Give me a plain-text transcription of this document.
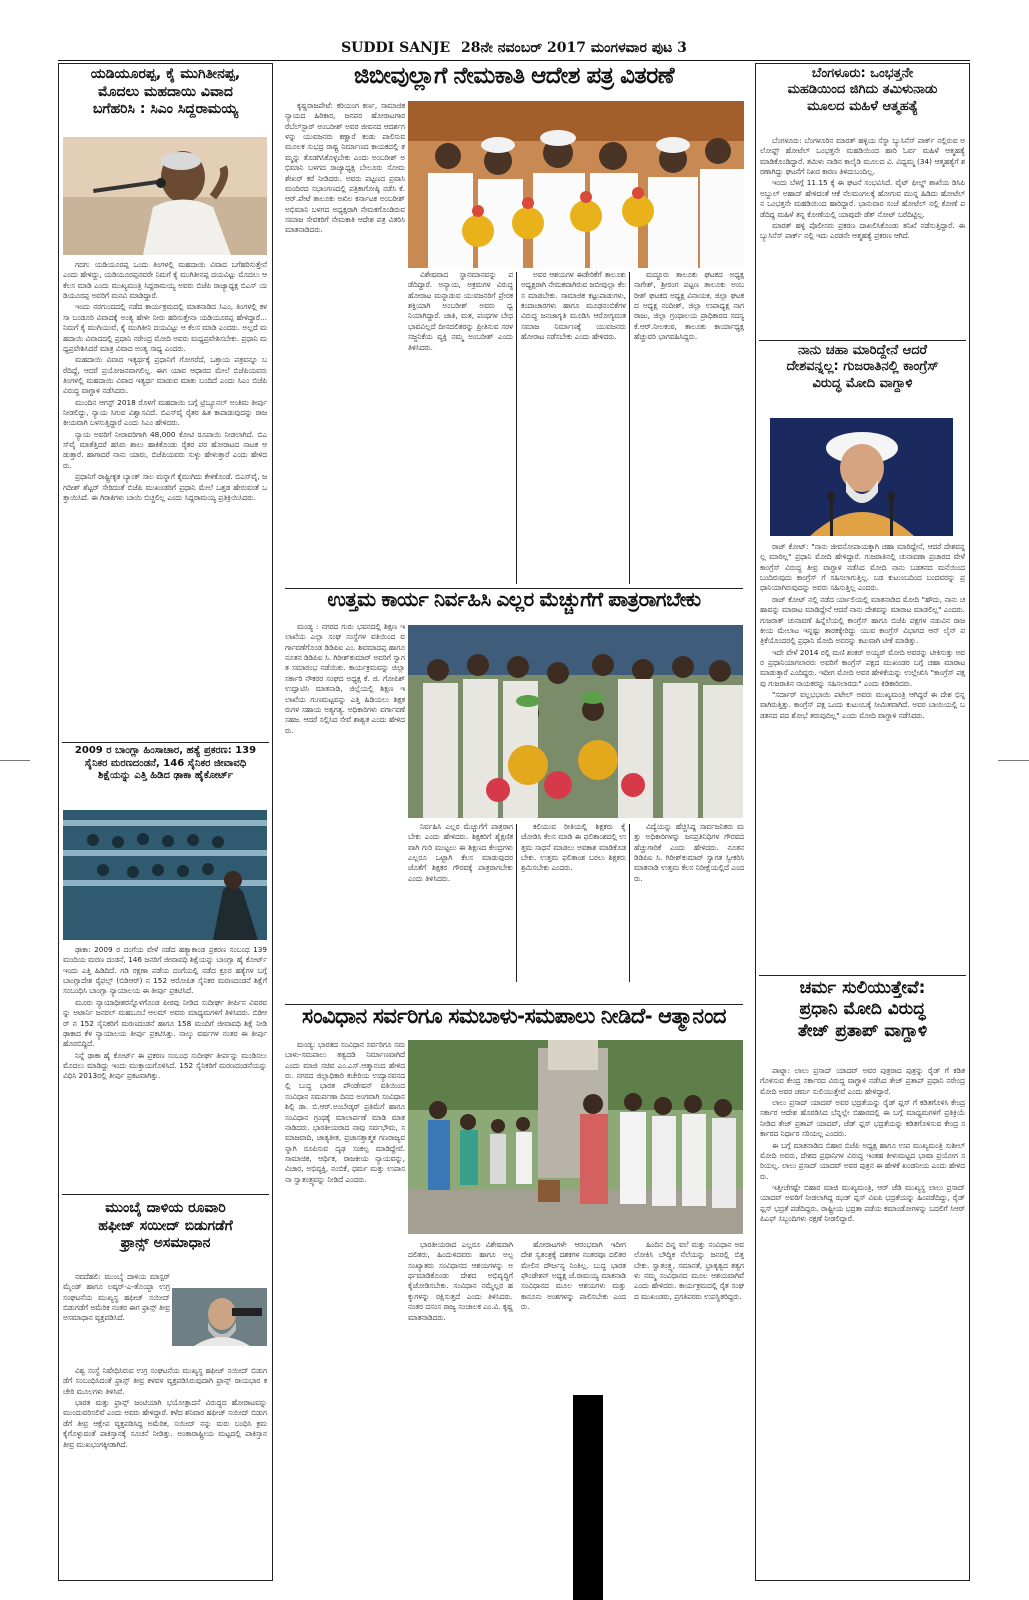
SUDDI SANJE 28ನೇ ನವಂಬರ್ 2017 ಮಂಗಳವಾರ ಪುಟ 3
ಯಡಿಯೂರಪ್ಪ, ಕೈ ಮುಗಿತೀನಪ್ಪ,
ಮೊದಲು ಮಹದಾಯಿ ವಿವಾದ
ಬಗೆಹರಿಸಿ : ಸಿಎಂ ಸಿದ್ದರಾಮಯ್ಯ

ಗದಗ: ಯಡಿಯೂರಪ್ಪ ಒಂದು ತಿಂಗಳಲ್ಲಿ ಮಹದಾಯಿ ವಿವಾದ ಬಗೆಹರಿಸುತ್ತೇನೆ ಎಂದು ಹೇಳಿದ್ದು, ಯಡಿಯೂರಪ್ಪನವರೇ ನಿಮಗೆ ಕೈ ಮುಗಿತೀನಪ್ಪ ದಯವಿಟ್ಟು ಮೊದಲು ಆ ಕೆಲಸ ಮಾಡಿ ಎಂದು ಮುಖ್ಯಮಂತ್ರಿ ಸಿದ್ದರಾಮಯ್ಯ ಅವರು ಬಿಜೆಪಿ ರಾಜ್ಯಾಧ್ಯಕ್ಷ ಬಿಎಸ್ ಯಡಿಯೂರಪ್ಪ ಅವರಿಗೆ ಮನವಿ ಮಾಡಿದ್ದಾರೆ.

ಇಂದು ನರಗುಂದದಲ್ಲಿ ನಡೆದ ಕಾರ್ಯಕ್ರಮದಲ್ಲಿ ಮಾತನಾಡಿದ ಸಿಎಂ, ತಿಂಗಳಲ್ಲಿ ಕಳಸಾ ಬಂಡೂರಿ ವಿವಾದಕ್ಕೆ ಅಂತ್ಯ ಹೇಳೀ ನೀರು ಹರಿಸುತ್ತೇನಾ ಯಡಿಯೂರಪ್ಪ ಹೇಳಿದ್ದಾರೆ... ನಿಮಗೆ ಕೈ ಮುಗಿಯುವೆ, ಕೈ ಮುಗಿತೀನಿ ದಯವಿಟ್ಟು ಆ ಕೆಲಸ ಮಾಡಿ ಎಂದರು. ಅಲ್ಲದೆ ಮಹದಾಯಿ ವಿವಾದದಲ್ಲಿ ಪ್ರಧಾನಿ ನರೇಂದ್ರ ಮೋದಿ ಅವರು ಮಧ್ಯಪ್ರವೇಶಿಸಬೇಕು. ಪ್ರಧಾನಿ ಮಧ್ಯಪ್ರವೇಶಿಸಿದರೆ ಮಾತ್ರ ವಿವಾದ ಅಂತ್ಯ ಸಾಧ್ಯ ಎಂದರು.

ಮಹದಾಯಿ ವಿವಾದ ಇತ್ಯರ್ಥಕ್ಕೆ ಪ್ರಧಾನಿಗೆ ಗೋಗರೆದೆ, ಒತ್ತಾಯ ಪತ್ರವನ್ನೂ ಬರೆದಿದ್ದೆ, ಆದರೆ ಪ್ರಯೋಜನವಾಗಲಿಲ್ಲ. ಈಗ ಯಾವ ಆಧಾರದ ಮೇಲೆ ಬಿಜೆಪಿಯವರು ತಿಂಗಳಲ್ಲಿ ಮಹದಾಯಿ ವಿವಾದ ಇತ್ಯರ್ಥ ಮಾಡುವ ಮಾತು ಬಂದಿದೆ ಎಂದು ಸಿಎಂ ಬಿಜೆಪಿ ವಿರುದ್ಧ ವಾಗ್ದಾಳಿ ನಡೆಸಿದರು.

ಮುಂದಿನ ಆಗಸ್ಟ್ 2018 ರೊಳಗೆ ಮಹದಾಯಿ ಬಗ್ಗೆ ಟ್ರಿಬ್ಯೂನಲ್ ಅಂತಿಮ ತೀರ್ಪು ನೀಡಲಿದ್ದು, ನ್ಯಾಯ ಸಿಗುವ ವಿಶ್ವಾಸವಿದೆ. ಬಿಎಸ್‌ವೈ ರೈತರ ಹಿತ ಕಾಪಾಡುವುದನ್ನು ರಾಜಕೀಯವಾಗಿ ಬಳಸುತ್ತಿದ್ದಾರೆ ಎಂದು ಸಿಎಂ ಹೇಳಿದರು.

ನ್ಯಾಯ ಅವರಿಗೆ ನೀರಾವರಿಗಾಗಿ 48,000 ಕೋಟಿ ರೂಪಾಯಿ ನೀಡಲಾಗಿದೆ. ಬಿಎಸ್‌ವೈ ಮಾತೆತ್ತಿದರೆ ಹಸಿರು ಶಾಲು ಹಾಕಿಕೊಂಡು ರೈತರ ಪರ ಹೋರಾಟದ ನಾಟಕ ಆಡುತ್ತಾರೆ. ಹಾಗಾದರೆ ನಾನು ಯಾರು, ಬಿಜೆಪಿಯವರು ಸುಳ್ಳು ಹೇಳುತ್ತಾರೆ ಎಂದು ಹೇಳಿದರು.

ಪ್ರಧಾನಿಗೆ ರಾಷ್ಟ್ರೀಕೃತ ಬ್ಯಾಂಕ್ ಸಾಲ ಮನ್ನಾಗೆ ಕೈಮುಗಿದು ಕೇಳಿಕೊಂಡೆ. ಬಿಎಸ್‌ವೈ, ಜಗದೀಶ್ ಶೆಟ್ಟರ್ ಸೇರಿದಂತೆ ಬಿಜೆಪಿ ಮುಖಂಡರಿಗೆ ಪ್ರಧಾನಿ ಮೇಲೆ ಒತ್ತಡ ಹೇರುವಂತೆ ಒತ್ತಾಯಿಸಿದೆ. ಈ ಗಿರಾಕಿಗಳು ಬಾಯಿ ಬಿಚ್ಚಲಿಲ್ಲ ಎಂದು ಸಿದ್ದರಾಮಯ್ಯ ಪ್ರತಿಕ್ರಿಯಿಸಿದರು.

2009 ರ ಬಾಂಗ್ಲಾ ಹಿಂಸಾಚಾರ, ಹತ್ಯೆ ಪ್ರಕರಣ: 139
ಸೈನಿಕರ ಮರಣದಂಡನೆ, 146 ಸೈನಿಕರ ಜೀವಾವಧಿ
ಶಿಕ್ಷೆಯನ್ನು ಎತ್ತಿ ಹಿಡಿದ ಢಾಕಾ ಹೈಕೋರ್ಟ್

ಢಾಕಾ: 2009 ರ ದಂಗೆಯ ವೇಳೆ ನಡೆದ ಹತ್ಯಾಕಾಂಡ ಪ್ರಕರಣ ಸಂಬಂಧ 139 ಮಂದಿಯ ಮರಣ ದಂಡನೆ, 146 ಜನರಿಗೆ ಜೀವಾವಧಿ ಶಿಕ್ಷೆಯನ್ನು ಬಾಂಗ್ಲಾ ಹೈ ಕೋರ್ಟ್ ಇಂದು ಎತ್ತಿ ಹಿಡಿದಿದೆ. ಗಡಿ ರಕ್ಷಣಾ ಪಡೆಯ ದಂಗೆಯಲ್ಲಿ ನಡೆದ ಕ್ರೂರ ಹತ್ಯೆಗಳ ಬಗ್ಗೆ ಬಾಂಗ್ಲಾದೇಶ ರೈಫಲ್ಸ್ (ಬಿಡಿಆರ್) ನ 152 ಆರೋಪಿತ ಸೈನಿಕರ ಮರಣದಂಡನೆ ಶಿಕ್ಷೆಗೆ ಸಂಬಂಧಿಸಿ ಬಾಂಗ್ಲಾ ನ್ಯಾಯಾಲಯ ಈ ತೀರ್ಪು ಪ್ರಕಟಿಸಿದೆ.

ಮೂರು ನ್ಯಾಯಾಧೀಶರನ್ನೊಳಗೊಂಡ ಪೀಠವು ನೀಡಿದ ಸುದೀರ್ಘ ತೀರ್ಪಿನ ವಿವರವನ್ನು ಅಟಾರ್ನಿ ಜನರಲ್ ಮಹಬೂಬೆ ಆಲಮ್ ಅವರು ಮಾಧ್ಯಮಗಳಿಗೆ ತಿಳಿಸಿದರು. ಬಿಡಿಆರ್ ನ 152 ಸೈನಿಕರಿಗೆ ಮರಣದಂಡನೆ ಹಾಗೂ 158 ಮಂದಿಗೆ ಜೀವಾವಧಿ ಶಿಕ್ಷೆ ನೀಡಿ ಢಾಕಾದ ಕೆಳ ನ್ಯಾಯಾಲಯ ತೀರ್ಪು ಪ್ರಕಟಿಸಿತ್ತು. ನಾಲ್ಕು ವರ್ಷಗಳ ನಂತರ ಈ ತೀರ್ಪು ಹೊರಬಿದ್ದಿದೆ.

ನಿನ್ನೆ ಢಾಕಾ ಹೈ ಕೋರ್ಟ್ ಈ ಪ್ರಕರಣ ಸಂಬಂಧ ಸುದೀರ್ಘ ತೀರ್ಪನ್ನು ಮಂಡಿಸಲು ಮೊದಲು ಮಾಡಿದ್ದು ಇಂದು ಮುಕ್ತಾಯಗೊಳಿಸಿದೆ. 152 ಸೈನಿಕರಿಗೆ ಮರಣದಂಡನೆಯನ್ನು ವಿಧಿಸಿ 2013ರಲ್ಲಿ ತೀರ್ಪು ಪ್ರಕಟವಾಗಿತ್ತು.

ಮುಂಬೈ ದಾಳಿಯ ರೂವಾರಿ
ಹಫೀಜ್ ಸಯೀದ್ ಬಿಡುಗಡೆಗೆ
ಫ್ರಾನ್ಸ್ ಅಸಮಾಧಾನ

ನವದೆಹಲಿ: ಮುಂಬೈ ದಾಳಿಯ ಮಾಸ್ಟರ್ ಮೈಂಡ್ ಹಾಗೂ ಲಷ್ಕರ್-ಎ-ತೊಯ್ಬಾ ಉಗ್ರ ಸಂಘಟನೆಯ ಮುಖ್ಯಸ್ಥ ಹಫೀಜ್ ಸಯೀದ್ ಬಿಡುಗಡೆಗೆ ಅಮೆರಿಕ ನಂತರ ಈಗ ಫ್ರಾನ್ಸ್ ತೀವ್ರ ಅಸಮಾಧಾನ ವ್ಯಕ್ತಪಡಿಸಿದೆ.

ವಿಶ್ವ ಸಂಸ್ಥೆ ನಿಷೇಧಿಸಿರುವ ಉಗ್ರ ಸಂಘಟನೆಯ ಮುಖ್ಯಸ್ಥ ಹಫೀಜ್ ಸಯೀದ್ ಬಿಡುಗಡೆಗೆ ಸಂಬಂಧಿಸಿದಂತೆ ಫ್ರಾನ್ಸ್ ತೀವ್ರ ಕಳವಳ ವ್ಯಕ್ತಪಡಿಸಿರುವುದಾಗಿ ಫ್ರಾನ್ಸ್ ರಾಯಭಾರ ಕಚೇರಿ ಮೂಲಗಳು ತಿಳಿಸಿವೆ.

ಭಾರತ ಮತ್ತು ಫ್ರಾನ್ಸ್ ಜಂಟಿಯಾಗಿ ಭಯೋತ್ಪಾದನೆ ವಿರುದ್ಧದ ಹೋರಾಟವನ್ನು ಮುಂದುವರಿಸಲಿವೆ ಎಂದು ಅವರು ಹೇಳಿದ್ದಾರೆ. ಕಳೆದ ಶನಿವಾರ ಹಫೀಜ್ ಸಯೀದ್ ಬಿಡುಗಡೆಗೆ ತೀವ್ರ ಆಕ್ಷೇಪ ವ್ಯಕ್ತಪಡಿಸಿದ್ದ ಅಮೆರಿಕ, ಸಯೀದ್ ನನ್ನು ಮರು ಬಂಧಿಸಿ ಕ್ರಮ ಕೈಗೊಳ್ಳುವಂತೆ ಪಾಕಿಸ್ತಾನಕ್ಕೆ ಸೂಚನೆ ನೀಡಿತ್ತು. ಅಂತಾರಾಷ್ಟ್ರೀಯ ಮಟ್ಟದಲ್ಲಿ ಪಾಕಿಸ್ತಾನ ತೀವ್ರ ಮುಖಭಂಗಕ್ಕೀಡಾಗಿದೆ.

ಜಿಬೀವುಲ್ಲಾಗೆ ನೇಮಕಾತಿ ಆದೇಶ ಪತ್ರ ವಿತರಣೆ

ಕೃಷ್ಣರಾಜಪೇಟೆ: ಕರಿಯಂಗ ಕರ್ಣ, ಸಾಮಾಜಿಕ ನ್ಯಾಯದ ಹಿರಿಕಾರ, ಜನಪರ ಹೋರಾಟಗಾರ ರೆಬೆಲ್‌ಸ್ಟಾರ್ ಅಂಬರೀಶ್ ಅವರ ಜೀವನದ ಆದರ್ಶಗಳನ್ನು ಯುವಜನರು ಕಣ್ಣಾರೆ ಕಂಡು ಪಾಲಿಸುವ ಮೂಲಕ ಸುಭದ್ರ ರಾಷ್ಟ್ರ ನಿರ್ಮಾಣದ ಕಾಯಕದಲ್ಲಿ ತಮ್ಮನ್ನು ತೊಡಗಿಸಿಕೊಳ್ಳಬೇಕು ಎಂದು ಅಂಬರೀಶ್ ಅಭಿಮಾನಿ ಬಳಗದ ರಾಜ್ಯಾಧ್ಯಕ್ಷ ಬೇಲೂರು ಸೋಮಶೇಖರ್ ಕರೆ ನೀಡಿದರು. ಅವರು ಪಟ್ಟಣದ ಪ್ರವಾಸಿ ಮಂದಿರದ ಸಭಾಂಗಣದಲ್ಲಿ ಪತ್ರಿಕಾಗೋಷ್ಠಿ ನಡೆಸಿ ಕೆ.ಆರ್.ಪೇಟೆ ತಾಲೂಕು ಅಖಿಲ ಕರ್ನಾಟಕ ಅಂಬರೀಶ್ ಅಭಿಮಾನಿ ಬಳಗದ ಅಧ್ಯಕ್ಷರಾಗಿ ನೇಮಕಗೊಂಡಿರುವ ಸಮಾಜ ಸೇವಕರಿಗೆ ನೇಮಕಾತಿ ಆದೇಶ ಪತ್ರ ವಿತರಿಸಿ ಮಾತನಾಡಿದರು.

ವಿಶೇಷವಾದ ಸ್ಥಾನಮಾನವನ್ನು ಪಡೆದಿದ್ದಾರೆ. ಅನ್ಯಾಯ, ಅಕ್ರಮಗಳ ವಿರುದ್ಧ ಹೋರಾಟ ಮನ್ನಾಡುವ ಯುವಜನರಿಗೆ ಪ್ರೇರಕಶಕ್ತಿಯಾಗಿ ಅಂಬರೀಶ್ ಅವರು ಧ್ವನಿಯಾಗಿದ್ದಾರೆ. ಜಾತಿ, ಮತ, ಪಂಥಗಳ ಬೇಧಭಾವವಿಲ್ಲದೆ ದೀನದಲಿತರನ್ನು ಪ್ರೀತಿಸುವ ಸರಳ ಸಜ್ಜನಿಕೆಯ ವ್ಯಕ್ತಿ ನಮ್ಮ ಅಂಬರೀಶ್ ಎಂದು ತಿಳಿಸಿದರು.

ಅವರ ಆಶಯಗಳ ಈಡೇರಿಕೆಗೆ ತಾಲೂಕು ಅಧ್ಯಕ್ಷರಾಗಿ ನೇಮಕವಾಗಿರುವ ಜಬೀವುಲ್ಲಾ ಕೆಲಸ ಮಾಡಬೇಕು. ಸಾಮಾಜಿಕ ಕಟ್ಟುಪಾಡುಗಳು, ಕಂದಾಚಾರಗಳು ಹಾಗೂ ಮೂಢನಂಬಿಕೆಗಳ ವಿರುದ್ಧ ಜನಜಾಗೃತಿ ಮೂಡಿಸಿ ಆರೋಗ್ಯವಂತ ಸಮಾಜ ನಿರ್ಮಾಣಕ್ಕೆ ಯುವಜನರು ಹೋರಾಟ ನಡೆಸಬೇಕು ಎಂದು ಹೇಳಿದರು.

ಮದ್ದೂರು ತಾಲೂಕು ಘಟಕದ ಅಧ್ಯಕ್ಷ ನಾಗೇಶ್, ಶ್ರೀರಂಗ ಪಟ್ಟಣ ತಾಲೂಕು ಅಂಬರೀಶ್ ಘಟಕದ ಅಧ್ಯಕ್ಷ ವಿನಾಯಕ, ಜಿಲ್ಲಾ ಘಟಕದ ಅಧ್ಯಕ್ಷ ನಂದೀಶ್, ಜಿಲ್ಲಾ ಉಪಾಧ್ಯಕ್ಷ ನಾಗರಾಜು, ಜಿಲ್ಲಾ ಗ್ರಂಥಾಲಯ ಪ್ರಾಧಿಕಾರದ ಸದಸ್ಯ ಕೆ.ಆರ್.ನೀಲಕಂಠ, ತಾಲೂಕು ಕಾರ್ಯಾಧ್ಯಕ್ಷ ಹೆಚ್ಚುವರಿ ಭಾಗವಹಿಸಿದ್ದರು.

ಉತ್ತಮ ಕಾರ್ಯ ನಿರ್ವಹಿಸಿ ಎಲ್ಲರ ಮೆಚ್ಚುಗೆಗೆ ಪಾತ್ರರಾಗಬೇಕು

ಮಂಡ್ಯ : ನಗರದ ಗುರು ಭವನದಲ್ಲಿ ಶಿಕ್ಷಣ ಇಲಾಖೆಯ ಎಲ್ಲಾ ಸಂಘ ಸಂಸ್ಥೆಗಳ ವತಿಯಿಂದ ವರ್ಗಾವಣೆಗೊಂಡ ಡಿಡಿಪಿಐ ಎಂ. ಶಿವಮಾದಪ್ಪ ಹಾಗೂ ನೂತನ ಡಿಡಿಪಿಐ ಸಿ. ಗಿರೀಶ್‌ಕುಮಾರ್ ಅವರಿಗೆ ಸ್ವಾಗತ ಸಮಾರಂಭ ನಡೆಯಿತು. ಕಾರ್ಯಕ್ರಮವನ್ನು ಜಿಲ್ಲಾ ಸರ್ಕಾರಿ ನೌಕರರ ಸಂಘದ ಅಧ್ಯಕ್ಷ ಕೆ. ಜಿ. ಗೋಪಿಶ್ ಉದ್ಘಾಟಿಸಿ ಮಾತನಾಡಿ, ಜಿಲ್ಲೆಯಲ್ಲಿ ಶಿಕ್ಷಣ ಇಲಾಖೆಯ ಗುಣಮಟ್ಟವನ್ನು ಎತ್ತಿ ಹಿಡಿಯಲು ಶಿಕ್ಷಕರುಗಳ ಸಹಾಯ ಅತ್ಯಗತ್ಯ. ಅಧಿಕಾರಿಗಳು ವರ್ಗಾವಣೆ ಸಹಜ. ಆದರೆ ಸಲ್ಲಿಸಿದ ಸೇವೆ ಶಾಶ್ವತ ಎಂದು ಹೇಳಿದರು.

ನಿರ್ವಹಿಸಿ ಎಲ್ಲರ ಮೆಚ್ಚುಗೆಗೆ ಪಾತ್ರರಾಗಬೇಕು ಎಂದು ಹೇಳಿದರು. ಶಿಕ್ಷಕರಿಗೆ ಶೈಕ್ಷಣಿಕವಾಗಿ ಗುರಿ ಮುಟ್ಟಲು ಈ ಶಿಕ್ಷಣದ ಕೇಂದ್ರಗಳು ಎಲ್ಲರೂ ಒಟ್ಟಾಗಿ ಕೆಲಸ ಮಾಡುವುದರ ಜೊತೆಗೆ ಶಿಕ್ಷಕರ ಗೌರವಕ್ಕೆ ಪಾತ್ರರಾಗಬೇಕು ಎಂದು ತಿಳಿಸಿದರು.

ಕಲಿಯುವ ರೀತಿಯಲ್ಲಿ ಶಿಕ್ಷಕರು ಕೈ ಜೋಡಿಸಿ ಕೆಲಸ ಮಾಡಿ ಈ ಫಲಿತಾಂಶದಲ್ಲಿ ಉತ್ತಮ ಸಾಧನೆ ಮಾಡಲು ಅವಕಾಶ ಮಾಡಿಕೊಡಬೇಕು. ಉತ್ತಮ ಫಲಿತಾಂಶ ಬರಲು ಶಿಕ್ಷಕರು ಶ್ರಮಿಸಬೇಕು ಎಂದರು.

ವಿದ್ಯೆಯನ್ನು ಹೆಚ್ಚಿಸಿದ್ದ ಸಾರ್ವಜನಿಕರು ಮತ್ತು ಅಧಿಕಾರಿಗಳನ್ನು ಜನಪ್ರತಿನಿಧಿಗಳ ಗೌರವದ ಹೆಚ್ಚುಗಾರಿಕೆ ಎಂದು ಹೇಳಿದರು. ನೂತನ ಡಿಡಿಪಿಐ ಸಿ. ಗಿರೀಶ್‌ಕುಮಾರ್ ಸ್ವಾಗತ ಸ್ವೀಕರಿಸಿ ಮಾತನಾಡಿ ಉತ್ತಮ ಕೆಲಸ ನಿರೀಕ್ಷೆಯಲ್ಲಿದೆ ಎಂದರು.

ಸಂವಿಧಾನ ಸರ್ವರಿಗೂ ಸಮಬಾಳು-ಸಮಪಾಲು ನೀಡಿದೆ- ಆತ್ಮಾನಂದ

ಮಂಡ್ಯ: ಭಾರತದ ಸಂವಿಧಾನ ಸರ್ವರಿಗೂ ಸಮಬಾಳು-ಸಮಪಾಲು ತತ್ವದಡಿ ನಿರ್ಮಾಣವಾಗಿದೆ ಎಂದು ಮಾಜಿ ಸಚಿವ ಎಂ.ಎಸ್.ಆತ್ಮಾನಂದ ಹೇಳಿದರು. ನಗರದ ಜಿಲ್ಲಾಧಿಕಾರಿ ಕಚೇರಿಯ ಉದ್ಯಾನವನದಲ್ಲಿ ಬುದ್ಧ ಭಾರತ ಪೌಂಡೇಷನ್ ವತಿಯಿಂದ ಸಂವಿಧಾನ ಸಮರ್ಪಣಾ ದಿನದ ಅಂಗವಾಗಿ ಸಂವಿಧಾನ ಶಿಲ್ಪಿ ಡಾ. ಬಿ.ಆರ್.ಅಂಬೇಡ್ಕರ್ ಪ್ರತಿಮೆಗೆ ಹಾಗೂ ಸಂವಿಧಾನ ಗ್ರಂಥಕ್ಕೆ ಮಾಲಾರ್ಪಣೆ ಮಾಡಿ ಮಾತನಾಡಿದರು. ಭಾರತೀಯರಾದ ನಾವು ಸರ್ವಭೌಮ, ಸಮಾಜವಾದಿ, ಜಾತ್ಯತೀತ, ಪ್ರಜಾಸತ್ತಾತ್ಮಕ ಗಣರಾಜ್ಯವನ್ನಾಗಿ ರೂಪಿಸುವ ದೃಢ ಸಂಕಲ್ಪ ಮಾಡಿದ್ದೇವೆ. ಸಾಮಾಜಿಕ, ಆರ್ಥಿಕ, ರಾಜಕೀಯ ನ್ಯಾಯವನ್ನು, ವಿಚಾರ, ಅಭಿವ್ಯಕ್ತಿ, ನಂಬಿಕೆ, ಧರ್ಮ ಮತ್ತು ಉಪಾಸನಾ ಸ್ವಾತಂತ್ರ್ಯವನ್ನು ನೀಡಿದೆ ಎಂದರು.

ಭಾರತೀಯರಾದ ಎಲ್ಲರೂ ವಿಶೇಷವಾಗಿ ದಲಿತರು, ಹಿಂದುಳಿದವರು ಹಾಗೂ ಅಲ್ಪಸಂಖ್ಯಾತರು ಸಂವಿಧಾನದ ಆಶಯಗಳನ್ನು ಅರ್ಥಮಾಡಿಕೊಂಡು ದೇಶದ ಅಭಿವೃದ್ಧಿಗೆ ಕೈಜೋಡಿಸಬೇಕು. ಸಂವಿಧಾನ ನಮ್ಮೆಲ್ಲರ ಹಕ್ಕುಗಳನ್ನು ರಕ್ಷಿಸುತ್ತದೆ ಎಂದು ತಿಳಿಸಿದರು. ನಂತರ ದಸಂಸ ರಾಜ್ಯ ಸಂಚಾಲಕ ಎಂ.ವಿ. ಕೃಷ್ಣ ಮಾತನಾಡಿದರು.

ಹೋರಾಟಗಳೇ ಆರಂಭವಾಗಿ ಇದೀಗ ದೇಶ ಸ್ವತಂತ್ರಕ್ಕೆ ದಶಕಗಳ ನಂತರವೂ ದಲಿತರ ಮೇಲಿನ ದೌರ್ಜನ್ಯ ನಿಂತಿಲ್ಲ. ಬುದ್ಧ ಭಾರತ ಫೌಂಡೇಶನ್ ಅಧ್ಯಕ್ಷ ಜೆ.ರಾಮಯ್ಯ ಮಾತನಾಡಿ ಸಂವಿಧಾನದ ಮೂಲ ಆಶಯಗಳು ಮತ್ತು ಕಾನೂನು ಅಂಶಗಳನ್ನು ಪಾಲಿಸಬೇಕು ಎಂದರು.

ಹಿಂದಿನ ದಿನ್ನ ವಲೆ ಮತ್ತು ಸಂವಿಧಾನ ಅವಲೋಕಿಸಿ ಬೌದ್ಧಿಕ ನೆಲೆಯನ್ನು ಜನರಲ್ಲಿ ಬಿತ್ತಬೇಕು. ಸ್ವಾತಂತ್ರ್ಯ, ಸಮಾನತೆ, ಭ್ರಾತೃತ್ವದ ತತ್ವಗಳು ನಮ್ಮ ಸಂವಿಧಾನದ ಮೂಲ ಆಶಯವಾಗಿವೆ ಎಂದು ಹೇಳಿದರು. ಕಾರ್ಯಕ್ರಮದಲ್ಲಿ ರೈತ ಸಂಘದ ಮುಖಂಡರು, ಪ್ರಗತಿಪರರು ಉಪಸ್ಥಿತರಿದ್ದರು.

ಬೆಂಗಳೂರು: ಒಂಭತ್ತನೇ
ಮಹಡಿಯಿಂದ ಜಿಗಿದು ತಮಿಳುನಾಡು
ಮೂಲದ ಮಹಿಳೆ ಆತ್ಮಹತ್ಯೆ

ಬೆಂಗಳೂರು: ಬೆಂಗಳೂರಿನ ಮಾರತ್ ಹಳ್ಳಿಯ ಸೆಸ್ನಾ ಬ್ಯುಸಿನೆಸ್ ಪಾರ್ಕ್ ನಲ್ಲಿರುವ ಅಲೋಫ್ಟ್ ಹೋಟೆಲ್ ಒಂಭತ್ತನೇ ಮಹಡಿಯಿಂದ ಹಾರಿ ಓರ್ವ ಮಹಿಳೆ ಆತ್ಮಹತ್ಯೆ ಮಾಡಿಕೊಂಡಿದ್ದಾರೆ. ತಮಿಳು ನಾಡಿನ ಕಾಲೈಡಿ ಮೂಲದ ವಿ. ವಿಧ್ಯಮ್ಮ (34) ಆತ್ಮಹತ್ಯೆಗೆ ಶರಣಾಗಿದ್ದು ಘಟನೆಗೆ ನಿಖರ ಕಾರಣ ತಿಳಿದುಬಂದಿಲ್ಲ.

ಇಂದು ಬೆಳಗ್ಗೆ 11.15 ಕ್ಕೆ ಈ ಘಟನೆ ಸಂಭವಿಸಿದೆ. ವೈಟ್ ಫೀಲ್ಡ್ ಶಾಖೆಯ ಡಿಸಿಪಿ ಅಬ್ದುಲ್ ಅಹಾದ್ ಹೇಳಿದಂತೆ ಆಕೆ ನೆಲಮಂಗಲಕ್ಕೆ ಹೋಗುವ ಮುನ್ನ ಹಿಡಿದು ಹೋಟೆಲ್ ನ ಒಂಭತ್ತನೇ ಮಹಡಿಯಿಂದ ಹಾರಿದ್ದಾರೆ. ಭಾನುವಾರ ಸಂಜೆ ಹೋಟೆಲ್ ನಲ್ಲಿ ಕೋಣೆ ಪಡೆದಿದ್ದ ಮಹಿಳೆ ತನ್ನ ಕೋಣೆಯಲ್ಲಿ ಯಾವುದೇ ಡೆತ್ ನೋಟ್ ಬರೆದಿಟ್ಟಿಲ್ಲ.

ಮಾರತ್ ಹಳ್ಳಿ ಪೊಲೀಸರು ಪ್ರಕರಣ ದಾಖಲಿಸಿಕೊಂಡು ತನಿಖೆ ನಡೆಸುತ್ತಿದ್ದಾರೆ. ಈ ಬ್ಯುಸಿನೆಸ್ ಪಾರ್ಕ್ ನಲ್ಲಿ ಇದು ಎರಡನೇ ಆತ್ಮಹತ್ಯೆ ಪ್ರಕರಣ ಆಗಿದೆ.

ನಾನು ಚಹಾ ಮಾರಿದ್ದೇನೆ ಆದರೆ
ದೇಶವನ್ನಲ್ಲ: ಗುಜರಾತಿನಲ್ಲಿ ಕಾಂಗ್ರೆಸ್
ವಿರುದ್ಧ ಮೋದಿ ವಾಗ್ದಾಳಿ

ರಾಜ್ ಕೋಟ್: "ನಾನು ಜೀವನೋಪಾಯಕ್ಕಾಗಿ ಚಹಾ ಮಾರಿದ್ದೇನೆ, ಆದರೆ ದೇಶವನ್ನಲ್ಲ ಮಾರಿಲ್ಲ" ಪ್ರಧಾನಿ ಮೋದಿ ಹೇಳಿದ್ದಾರೆ. ಗುಜರಾತಿನಲ್ಲಿ ಚುನಾವಣಾ ಪ್ರಚಾರದ ವೇಳೆ ಕಾಂಗ್ರೆಸ್ ವಿರುದ್ಧ ತೀವ್ರ ವಾಗ್ದಾಳಿ ನಡೆಸಿದ ಮೋದಿ ನಾನು ಬಡತನದ ಮನೆಯಿಂದ ಬಂದಿರುವುದು ಕಾಂಗ್ರೆಸ್ ಗೆ ಸಹಿಸಲಾಗುತ್ತಿಲ್ಲ. ಬಡ ಕುಟುಂಬದಿಂದ ಬಂದವರನ್ನು ಪ್ರಧಾನಿಯಾಗಿರುವುದನ್ನು ಅವರು ಸಹಿಸುತ್ತಿಲ್ಲ ಎಂದರು.

ರಾಜ್ ಕೋಟ್ ನಲ್ಲಿ ನಡೆದ ರ್ಯಾಲಿಯಲ್ಲಿ ಮಾತನಾಡಿದ ಮೋದಿ "ಹೌದು, ನಾನು ಚಹಾವನ್ನು ಮಾರಾಟ ಮಾಡಿದ್ದೇನೆ ಆದರೆ ನಾನು ದೇಶವನ್ನು ಮಾರಾಟ ಮಾಡಲಿಲ್ಲ" ಎಂದರು. ಗುಜರಾತ್ ಚುನಾವಣೆ ಹಿನ್ನೆಲೆಯಲ್ಲಿ ಕಾಂಗ್ರೆಸ್ ಹಾಗೂ ಬಿಜೆಪಿ ಪಕ್ಷಗಳ ನಡುವಿನ ರಾಜಕೀಯ ಮೇಲಾಟ ಇನ್ನಷ್ಟು ತಾರಕಕ್ಕೇರಿದ್ದು ಯುವ ಕಾಂಗ್ರೆಸ್ ವಿಭಾಗದ ಆನ್ ಲೈನ್ ಪತ್ರಿಕೆಯೊಂದರಲ್ಲಿ ಪ್ರಧಾನಿ ಮೋದಿ ಅವರನ್ನು ಕಟುವಾಗಿ ಟೀಕೆ ಮಾಡಿತ್ತು.

ಇದೇ ವೇಳೆ 2014 ರಲ್ಲಿ ಮಣಿ ಶಂಕರ್ ಅಯ್ಯರ್ ಮೋದಿ ಅವರನ್ನು ಟೀಕಿಸುತ್ತು ಅವರ ಪ್ರಧಾನಿಯಾಗಲಾರರು ಅವರಿಗೆ ಕಾಂಗ್ರೆಸ್ ಪಕ್ಷದ ಮುಖಂಡರ ಬಗ್ಗೆ ಚಹಾ ಮಾರಾಟ ಮಾಡುತ್ತಾರೆ ಎಂದಿದ್ದರು. ಇದೀಗ ಮೋದಿ ಅವರ ಹೇಳಿಕೆಯನ್ನು ಉಲ್ಲೇಖಿಸಿ "ಕಾಂಗ್ರೆಸ್ ಪಕ್ಷವು ಗುಜರಾತಿನ ನಾಯಕರನ್ನು ಸಹಿಸಲಾರದು" ಎಂದು ಕಿಡಿಕಾರಿದರು.

"ಸರ್ದಾರ್ ವಲ್ಲಭಭಾಯಿ ಪಟೇಲ್ ಅವರು ಮುಖ್ಯಮಂತ್ರಿ ಆಗಿದ್ದರೆ ಈ ದೇಶ ಭಿನ್ನವಾಗಿರುತ್ತಿತ್ತು. ಕಾಂಗ್ರೆಸ್ ಪಕ್ಷ ಒಂದು ಕುಟುಂಬಕ್ಕೆ ಸೀಮಿತವಾಗಿದೆ. ಅವರ ಬಾಯಿಯಲ್ಲಿ ಬಡತನದ ಪದ ಶೋಭೆ ತರುವುದಿಲ್ಲ" ಎಂದು ಮೋದಿ ವಾಗ್ದಾಳಿ ನಡೆಸಿದರು.

ಚರ್ಮ ಸುಲಿಯುತ್ತೇವೆ:
ಪ್ರಧಾನಿ ಮೋದಿ ವಿರುದ್ಧ
ತೇಜ್ ಪ್ರತಾಪ್ ವಾಗ್ದಾಳಿ

ಪಾಟ್ನಾ: ಲಾಲು ಪ್ರಸಾದ್ ಯಾದವ್ ಅವರ ಪುತ್ರರಾದ ಪುತ್ರನ್ನು ರೈಡ್ ಗೆ ಕಡಿತಗೊಳಿಸುವ ಕೇಂದ್ರ ಸರ್ಕಾರದ ವಿರುದ್ಧ ವಾಗ್ದಾಳಿ ನಡೆಸಿದ ತೇಜ್ ಪ್ರತಾಪ್ ಪ್ರಧಾನಿ ನರೇಂದ್ರ ಮೋದಿ ಅವರ ಚರ್ಮ ಸುಲಿಯುತ್ತೇವೆ ಎಂದು ಹೇಳಿದ್ದಾರೆ.

ಲಾಲು ಪ್ರಸಾದ್ ಯಾದವ್ ಅವರ ಭದ್ರತೆಯನ್ನು ರೈಡ್ ಫ್ಲಸ್ ಗೆ ಕಡಿತಗೊಳಿಸಿ ಕೇಂದ್ರ ಸರ್ಕಾರ ಆದೇಶ ಹೊರಡಿಸಿದ ಬೆನ್ನಲ್ಲೇ ಬಿಹಾರದಲ್ಲಿ ಈ ಬಗ್ಗೆ ಮಾಧ್ಯಮಗಳಿಗೆ ಪ್ರತಿಕ್ರಿಯೆ ನೀಡಿದ ತೇಜ್ ಪ್ರತಾಪ್ ಯಾದವ್, ಜೆಡ್ ಫ್ಲಸ್ ಭದ್ರತೆಯನ್ನು ಕಡಿತಗೊಳಿಸುವ ಕೇಂದ್ರ ಸರ್ಕಾರದ ನಿರ್ಧಾರ ಸರಿಯಲ್ಲ ಎಂದರು.

ಈ ಬಗ್ಗೆ ಮಾತನಾಡಿದ ಬಿಹಾರ ಬಿಜೆಪಿ ಅಧ್ಯಕ್ಷ ಹಾಗೂ ಉಪ ಮುಖ್ಯಮಂತ್ರಿ ಸುಶೀಲ್ ಮೋದಿ ಅವರು, ದೇಶದ ಪ್ರಧಾನಿಗಳ ವಿರುದ್ಧ ಇಂತಹ ಕೀಳುಮಟ್ಟದ ಭಾಷಾ ಪ್ರಯೋಗ ಸರಿಯಲ್ಲ. ಲಾಲು ಪ್ರಸಾದ್ ಯಾದವ್ ಅವರ ಪುತ್ರನ ಈ ಹೇಳಿಕೆ ಖಂಡನೀಯ ಎಂದು ಹೇಳಿದರು.

ಇತ್ತೀಚೆಗಷ್ಟೇ ಬಿಹಾರ ಮಾಜಿ ಮುಖ್ಯಮಂತ್ರಿ, ಆರ್ ಜೆಡಿ ಮುಖ್ಯಸ್ಥ ಲಾಲು ಪ್ರಸಾದ್ ಯಾದವ್ ಅವರಿಗೆ ನೀಡಲಾಗಿದ್ದ ಝಡ್ ಪ್ಲಸ್ ವಿಐಪಿ ಭದ್ರತೆಯನ್ನು ಹಿಂಪಡೆದಿದ್ದು, ರೈಡ್ ಫ್ಲಸ್ ಭದ್ರತೆ ಪಡೆದಿದ್ದರು. ರಾಷ್ಟ್ರೀಯ ಭದ್ರತಾ ಪಡೆಯ ಕಮಾಂಡೋಗಳನ್ನು ಬದಲಿಗೆ ಸಿಆರ್ ಪಿಎಫ್ ಸಿಬ್ಬಂದಿಗಳು ರಕ್ಷಣೆ ನೀಡಲಿದ್ದಾರೆ.
